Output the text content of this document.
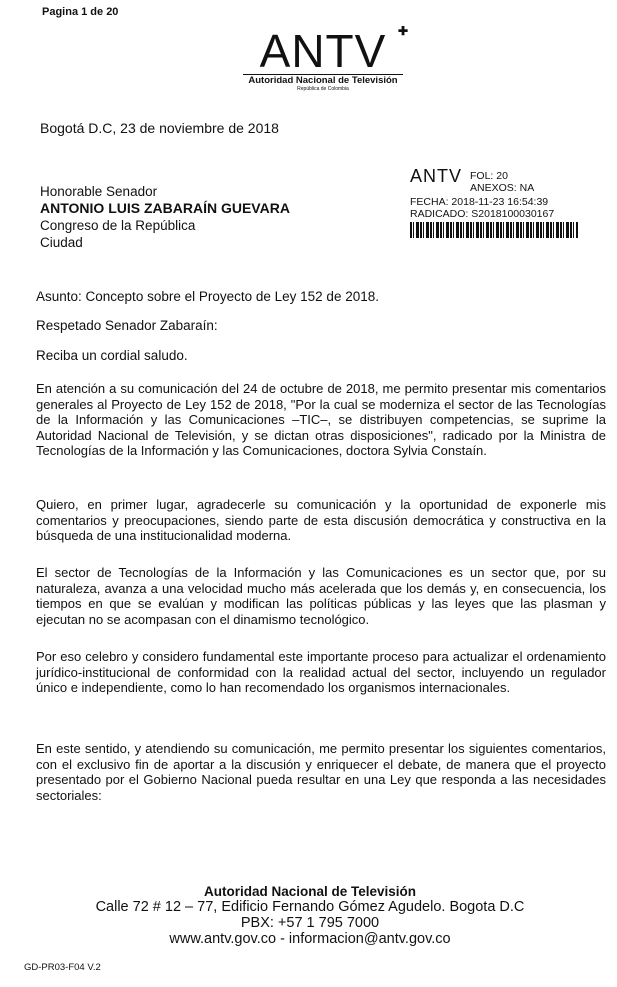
Pagina 1 de 20
ANTV ✚
Autoridad Nacional de Televisión
República de Colombia
Bogotá D.C, 23 de noviembre de 2018
Honorable Senador
ANTONIO LUIS ZABARAÍN GUEVARA
Congreso de la República
Ciudad
ANTV FOL: 20
ANEXOS: NA
FECHA: 2018-11-23 16:54:39
RADICADO: S2018100030167
Asunto: Concepto sobre el Proyecto de Ley 152 de 2018.
Respetado Senador Zabaraín:
Reciba un cordial saludo.
En atención a su comunicación del 24 de octubre de 2018, me permito presentar mis comentarios generales al Proyecto de Ley 152 de 2018, "Por la cual se moderniza el sector de las Tecnologías de la Información y las Comunicaciones –TIC–, se distribuyen competencias, se suprime la Autoridad Nacional de Televisión, y se dictan otras disposiciones", radicado por la Ministra de Tecnologías de la Información y las Comunicaciones, doctora Sylvia Constaín.
Quiero, en primer lugar, agradecerle su comunicación y la oportunidad de exponerle mis comentarios y preocupaciones, siendo parte de esta discusión democrática y constructiva en la búsqueda de una institucionalidad moderna.
El sector de Tecnologías de la Información y las Comunicaciones es un sector que, por su naturaleza, avanza a una velocidad mucho más acelerada que los demás y, en consecuencia, los tiempos en que se evalúan y modifican las políticas públicas y las leyes que las plasman y ejecutan no se acompasan con el dinamismo tecnológico.
Por eso celebro y considero fundamental este importante proceso para actualizar el ordenamiento jurídico-institucional de conformidad con la realidad actual del sector, incluyendo un regulador único e independiente, como lo han recomendado los organismos internacionales.
En este sentido, y atendiendo su comunicación, me permito presentar los siguientes comentarios, con el exclusivo fin de aportar a la discusión y enriquecer el debate, de manera que el proyecto presentado por el Gobierno Nacional pueda resultar en una Ley que responda a las necesidades sectoriales:
Autoridad Nacional de Televisión
Calle 72 # 12 – 77, Edificio Fernando Gómez Agudelo. Bogota D.C
PBX: +57 1 795 7000
www.antv.gov.co - informacion@antv.gov.co
GD-PR03-F04 V.2
